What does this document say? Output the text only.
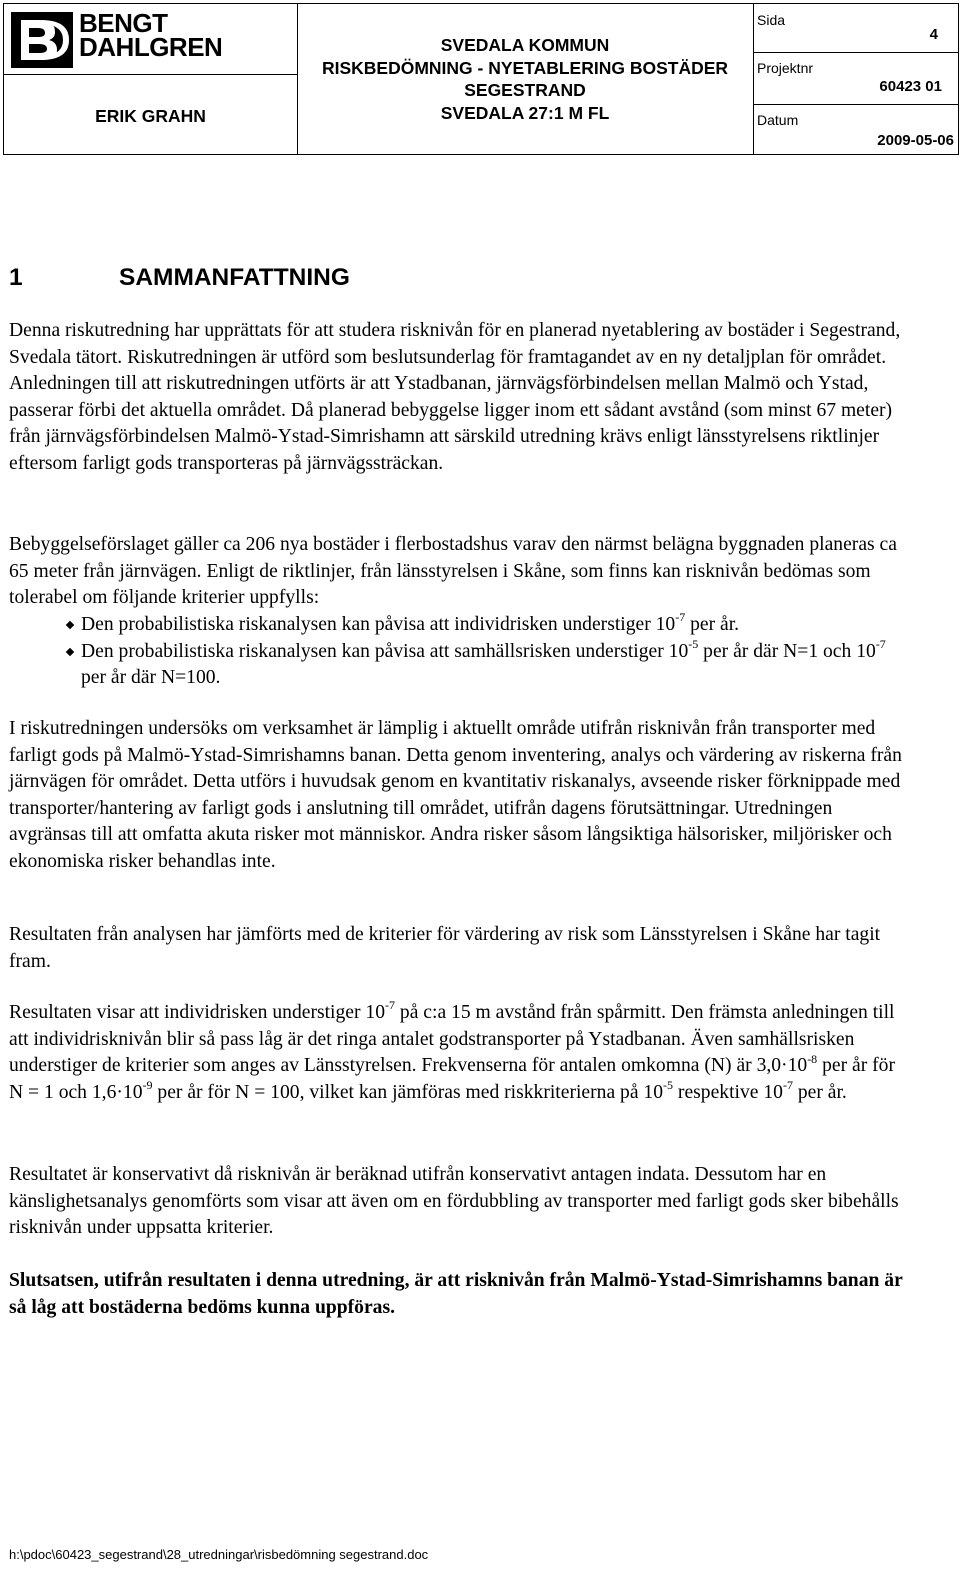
BENGT
DAHLGREN
ERIK GRAHN
SVEDALA KOMMUN
RISKBEDÖMNING - NYETABLERING BOSTÄDER
SEGESTRAND
SVEDALA 27:1 M FL
Sida
4
Projektnr
60423 01
Datum
2009-05-06
1	SAMMANFATTNING

Denna riskutredning har upprättats för att studera risknivån för en planerad nyetablering av bostäder i Segestrand, Svedala tätort. Riskutredningen är utförd som beslutsunderlag för framtagandet av en ny detaljplan för området. Anledningen till att riskutredningen utförts är att Ystadbanan, järnvägsförbindelsen mellan Malmö och Ystad, passerar förbi det aktuella området. Då planerad bebyggelse ligger inom ett sådant avstånd (som minst 67 meter) från järnvägsförbindelsen Malmö-Ystad-Simrishamn att särskild utredning krävs enligt länsstyrelsens riktlinjer eftersom farligt gods transporteras på järnvägssträckan.

Bebyggelseförslaget gäller ca 206 nya bostäder i flerbostadshus varav den närmst belägna byggnaden planeras ca 65 meter från järnvägen. Enligt de riktlinjer, från länsstyrelsen i Skåne, som finns kan risknivån bedömas som tolerabel om följande kriterier uppfylls:

Den probabilistiska riskanalysen kan påvisa att individrisken understiger $10^{-7}$ per år.
Den probabilistiska riskanalysen kan påvisa att samhällsrisken understiger $10^{-5}$ per år där N=1 och $10^{-7}$ per år där N=100.

I riskutredningen undersöks om verksamhet är lämplig i aktuellt område utifrån risknivån från transporter med farligt gods på Malmö-Ystad-Simrishamns banan. Detta genom inventering, analys och värdering av riskerna från järnvägen för området. Detta utförs i huvudsak genom en kvantitativ riskanalys, avseende risker förknippade med transporter/hantering av farligt gods i anslutning till området, utifrån dagens förutsättningar. Utredningen avgränsas till att omfatta akuta risker mot människor. Andra risker såsom långsiktiga hälsorisker, miljörisker och ekonomiska risker behandlas inte.

Resultaten från analysen har jämförts med de kriterier för värdering av risk som Länsstyrelsen i Skåne har tagit fram.

Resultaten visar att individrisken understiger $10^{-7}$ på c:a 15 m avstånd från spårmitt. Den främsta anledningen till att individrisknivån blir så pass låg är det ringa antalet godstransporter på Ystadbanan. Även samhällsrisken understiger de kriterier som anges av Länsstyrelsen. Frekvenserna för antalen omkomna (N) är $3,0\cdot 10^{-8}$ per år för N = 1 och $1,6\cdot 10^{-9}$ per år för N = 100, vilket kan jämföras med riskkriterierna på $10^{-5}$ respektive $10^{-7}$ per år.

Resultatet är konservativt då risknivån är beräknad utifrån konservativt antagen indata. Dessutom har en känslighetsanalys genomförts som visar att även om en fördubbling av transporter med farligt gods sker bibehålls risknivån under uppsatta kriterier.

Slutsatsen, utifrån resultaten i denna utredning, är att risknivån från Malmö-Ystad-Simrishamns banan är så låg att bostäderna bedöms kunna uppföras.

h:\pdoc\60423_segestrand\28_utredningar\risbedömning segestrand.doc
